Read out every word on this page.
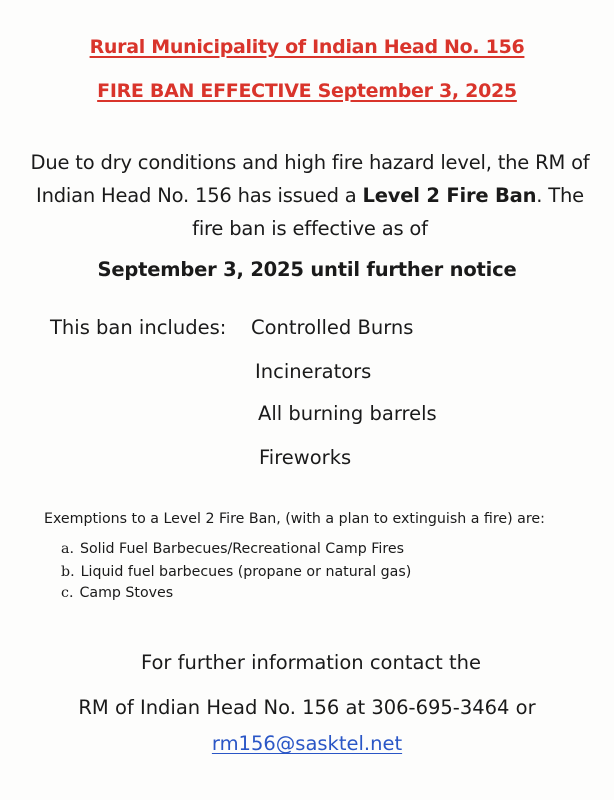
Rural Municipality of Indian Head No. 156
FIRE BAN EFFECTIVE September 3, 2025
Due to dry conditions and high fire hazard level, the RM of Indian Head No. 156 has issued a Level 2 Fire Ban. The fire ban is effective as of
September 3, 2025 until further notice
This ban includes: Controlled Burns
Incinerators
All burning barrels
Fireworks
Exemptions to a Level 2 Fire Ban, (with a plan to extinguish a fire) are:
a. Solid Fuel Barbecues/Recreational Camp Fires
b. Liquid fuel barbecues (propane or natural gas)
c. Camp Stoves
For further information contact the
RM of Indian Head No. 156 at 306-695-3464 or
rm156@sasktel.net
